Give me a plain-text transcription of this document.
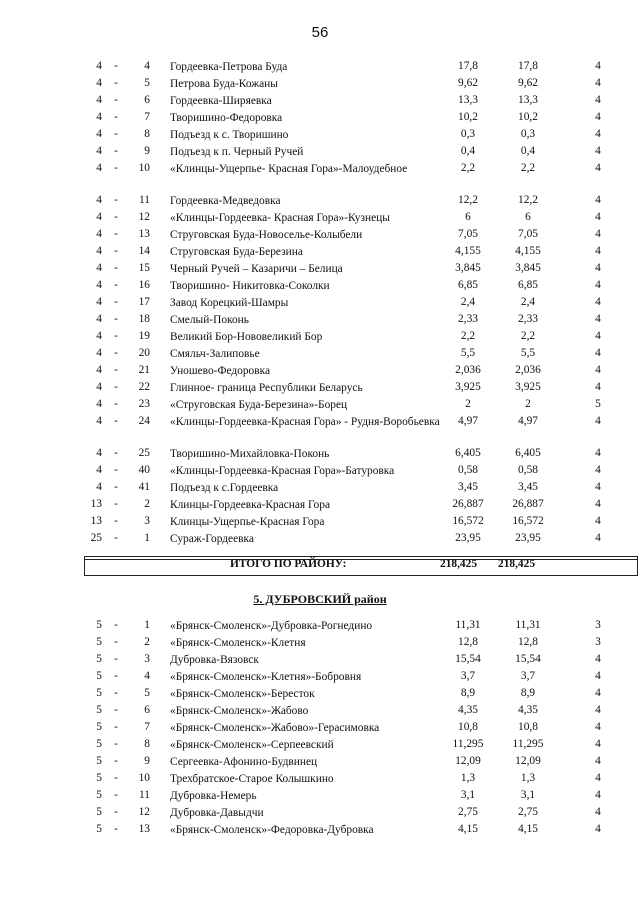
56
4 -	4 Гордеевка-Петрова Буда	17,8	17,8	4
4 -	5 Петрова Буда-Кожаны	9,62	9,62	4
4 -	6 Гордеевка-Ширяевка	13,3	13,3	4
4 -	7 Творишино-Федоровка	10,2	10,2	4
4 -	8 Подъезд к с. Творишино	0,3	0,3	4
4 -	9 Подъезд к п. Черный Ручей	0,4	0,4	4
4 -	10 «Клинцы-Ущерпье- Красная Гора»-Малоудебное	2,2	2,2	4
4 -	11 Гордеевка-Медведовка	12,2	12,2	4
4 -	12 «Клинцы-Гордеевка- Красная Гора»-Кузнецы	6	6	4
4 -	13 Струговская Буда-Новоселье-Колыбели	7,05	7,05	4
4 -	14 Струговская Буда-Березина	4,155	4,155	4
4 -	15 Черный Ручей – Казаричи – Белица	3,845	3,845	4
4 -	16 Творишино- Никитовка-Соколки	6,85	6,85	4
4 -	17 Завод Корецкий-Шамры	2,4	2,4	4
4 -	18 Смелый-Поконь	2,33	2,33	4
4 -	19 Великий Бор-Нововеликий Бор	2,2	2,2	4
4 -	20 Смяльч-Залиповье	5,5	5,5	4
4 -	21 Уношево-Федоровка	2,036	2,036	4
4 -	22 Глинное- граница Республики Беларусь	3,925	3,925	4
4 -	23 «Струговская Буда-Березина»-Борец	2	2	5
4 -	24 «Клинцы-Гордеевка-Красная Гора» - Рудня-Воробьевка	4,97	4,97	4
4 -	25 Творишино-Михайловка-Поконь	6,405	6,405	4
4 -	40 «Клинцы-Гордеевка-Красная Гора»-Батуровка	0,58	0,58	4
4 -	41 Подъезд к с.Гордеевка	3,45	3,45	4
13 -	2 Клинцы-Гордеевка-Красная Гора	26,887	26,887	4
13 -	3 Клинцы-Ущерпье-Красная Гора	16,572	16,572	4
25 -	1 Сураж-Гордеевка	23,95	23,95	4
ИТОГО ПО РАЙОНУ:	218,425 218,425
5. ДУБРОВСКИЙ район
5 -	1 «Брянск-Смоленск»-Дубровка-Рогнедино	11,31	11,31	3
5 -	2 «Брянск-Смоленск»-Клетня	12,8	12,8	3
5 -	3 Дубровка-Вязовск	15,54	15,54	4
5 -	4 «Брянск-Смоленск»-Клетня»-Бобровня	3,7	3,7	4
5 -	5 «Брянск-Смоленск»-Бересток	8,9	8,9	4
5 -	6 «Брянск-Смоленск»-Жабово	4,35	4,35	4
5 -	7 «Брянск-Смоленск»-Жабово»-Герасимовка	10,8	10,8	4
5 -	8 «Брянск-Смоленск»-Серпеевский	11,295	11,295	4
5 -	9 Сергеевка-Афонино-Будвинец	12,09	12,09	4
5 -	10 Трехбратское-Старое Колышкино	1,3	1,3	4
5 -	11 Дубровка-Немерь	3,1	3,1	4
5 -	12 Дубровка-Давыдчи	2,75	2,75	4
5 -	13 «Брянск-Смоленск»-Федоровка-Дубровка	4,15	4,15	4
